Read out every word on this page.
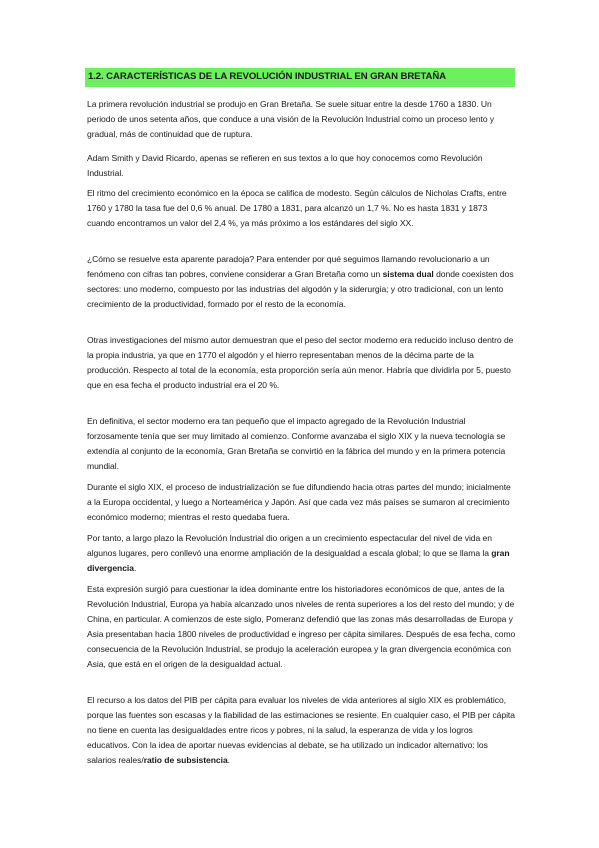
1.2. CARACTERÍSTICAS DE LA REVOLUCIÓN INDUSTRIAL EN GRAN BRETAÑA

La primera revolución industrial se produjo en Gran Bretaña. Se suele situar entre la desde 1760 a 1830. Un periodo de unos setenta años, que conduce a una visión de la Revolución Industrial como un proceso lento y gradual, más de continuidad que de ruptura.

Adam Smith y David Ricardo, apenas se refieren en sus textos a lo que hoy conocemos como Revolución Industrial.

El ritmo del crecimiento económico en la época se califica de modesto. Según cálculos de Nicholas Crafts, entre 1760 y 1780 la tasa fue del 0,6 % anual. De 1780 a 1831, para alcanzó un 1,7 %. No es hasta 1831 y 1873 cuando encontramos un valor del 2,4 %, ya más próximo a los estándares del siglo XX.

¿Cómo se resuelve esta aparente paradoja? Para entender por qué seguimos llamando revolucionario a un fenómeno con cifras tan pobres, conviene considerar a Gran Bretaña como un sistema dual donde coexisten dos sectores: uno moderno, compuesto por las industrias del algodón y la siderurgia; y otro tradicional, con un lento crecimiento de la productividad, formado por el resto de la economía.

Otras investigaciones del mismo autor demuestran que el peso del sector moderno era reducido incluso dentro de la propia industria, ya que en 1770 el algodón y el hierro representaban menos de la décima parte de la producción. Respecto al total de la economía, esta proporción sería aún menor. Habría que dividirla por 5, puesto que en esa fecha el producto industrial era el 20 %.

En definitiva, el sector moderno era tan pequeño que el impacto agregado de la Revolución Industrial forzosamente tenía que ser muy limitado al comienzo. Conforme avanzaba el siglo XIX y la nueva tecnología se extendía al conjunto de la economía, Gran Bretaña se convirtió en la fábrica del mundo y en la primera potencia mundial.

Durante el siglo XIX, el proceso de industrialización se fue difundiendo hacia otras partes del mundo; inicialmente a la Europa occidental, y luego a Norteamérica y Japón. Así que cada vez más países se sumaron al crecimiento económico moderno; mientras el resto quedaba fuera.

Por tanto, a largo plazo la Revolución Industrial dio origen a un crecimiento espectacular del nivel de vida en algunos lugares, pero conllevó una enorme ampliación de la desigualdad a escala global; lo que se llama la gran divergencia.

Esta expresión surgió para cuestionar la idea dominante entre los historiadores económicos de que, antes de la Revolución Industrial, Europa ya había alcanzado unos niveles de renta superiores a los del resto del mundo; y de China, en particular. A comienzos de este siglo, Pomeranz defendió que las zonas más desarrolladas de Europa y Asia presentaban hacia 1800 niveles de productividad e ingreso per cápita similares. Después de esa fecha, como consecuencia de la Revolución Industrial, se produjo la aceleración europea y la gran divergencia económica con Asia, que está en el origen de la desigualdad actual.

El recurso a los datos del PIB per cápita para evaluar los niveles de vida anteriores al siglo XIX es problemático, porque las fuentes son escasas y la fiabilidad de las estimaciones se resiente. En cualquier caso, el PIB per cápita no tiene en cuenta las desigualdades entre ricos y pobres, ni la salud, la esperanza de vida y los logros educativos. Con la idea de aportar nuevas evidencias al debate, se ha utilizado un indicador alternativo: los salarios reales/ratio de subsistencia.
